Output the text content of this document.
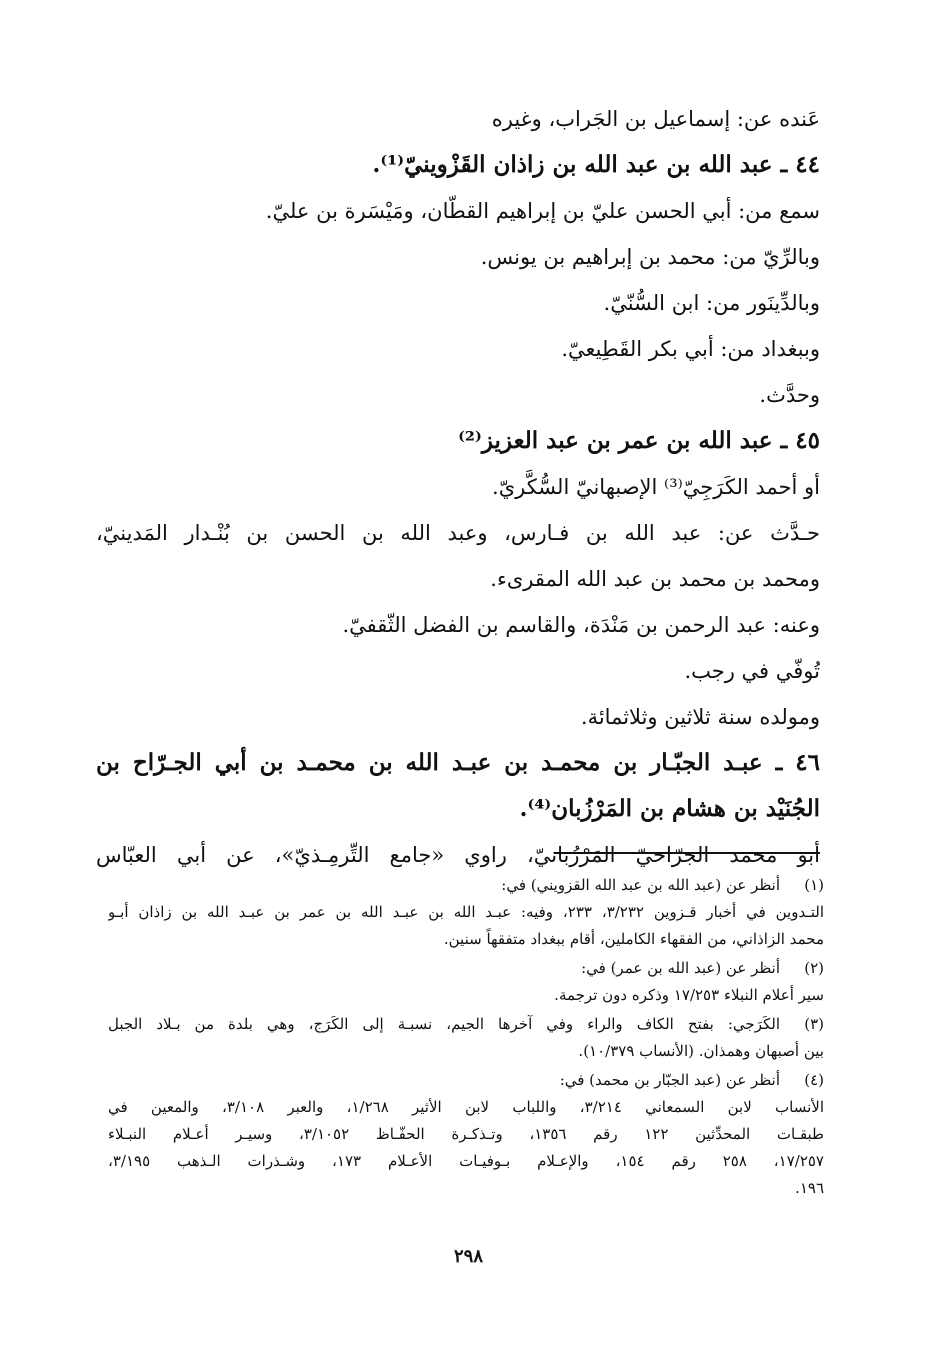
عَنده عن: إسماعيل بن الجَراب، وغيره
٤٤ ـ عبد الله بن عبد الله بن زاذان القَزْوينيّ⁽¹⁾.
سمع من: أبي الحسن عليّ بن إبراهيم القطّان، ومَيْسَرة بن عليّ.
وبالرِّيّ من: محمد بن إبراهيم بن يونس.
وبالدِّينَور من: ابن السُّنّيّ.
وببغداد من: أبي بكر القَطِيعيّ.
وحدَّث.
٤٥ ـ عبد الله بن عمر بن عبد العزيز⁽²⁾
أو أحمد الكَرَجِيّ⁽³⁾ الإصبهانيّ السُّكَّريّ.
حـدَّث عن: عبد الله بن فـارس، وعبد الله بن الحسن بن بُنْـدار المَدينيّ،
ومحمد بن محمد بن عبد الله المقرىء.
وعنه: عبد الرحمن بن مَنْدَة، والقاسم بن الفضل الثّقفيّ.
تُوفّي في رجب.
ومولده سنة ثلاثين وثلاثمائة.
٤٦ ـ عبـد الجبّـار بن محمـد بن عبـد الله بن محمـد بن أبي الجـرّاح بن
الجُنَيْد بن هشام بن المَرْزُبان⁽⁴⁾.
أبو محمد الجرّاحيّ المَرْزُبانيّ، راوي «جامع التِّرمِـذيّ»، عن أبي العبّاس
(١)
أنظر عن (عبد الله بن عبد الله القزويني) في:
التـدوين في أخبار قـزوين ٣/٢٣٢، ٢٣٣، وفيه: عبـد الله بن عبـد الله بن عمر بن عبـد الله بن زاذان أبـو
محمد الزاذاني، من الفقهاء الكاملين، أقام ببغداد متفقهاً سنين.
(٢)
أنظر عن (عبد الله بن عمر) في:
سير أعلام النبلاء ١٧/٢٥٣ وذكره دون ترجمة.
(٣)
الكَرَجي: بفتح الكاف والراء وفي آخرها الجيم، نسبـة إلى الكَرَج، وهي بلدة من بـلاد الجبل
بين أصبهان وهمذان. (الأنساب ١٠/٣٧٩).
(٤)
أنظر عن (عبد الجبّار بن محمد) في:
الأنساب لابن السمعاني ٣/٢١٤، واللباب لابن الأثير ١/٢٦٨، والعبر ٣/١٠٨، والمعين في
طبقـات المحدِّثين ١٢٢ رقم ١٣٥٦، وتـذكـرة الحفّـاظ ٣/١٠٥٢، وسيـر أعـلام النبـلاء
١٧/٢٥٧، ٢٥٨ رقم ١٥٤، والإعـلام بـوفيـات الأعـلام ١٧٣، وشـذرات الـذهب ٣/١٩٥،
١٩٦.
٢٩٨
